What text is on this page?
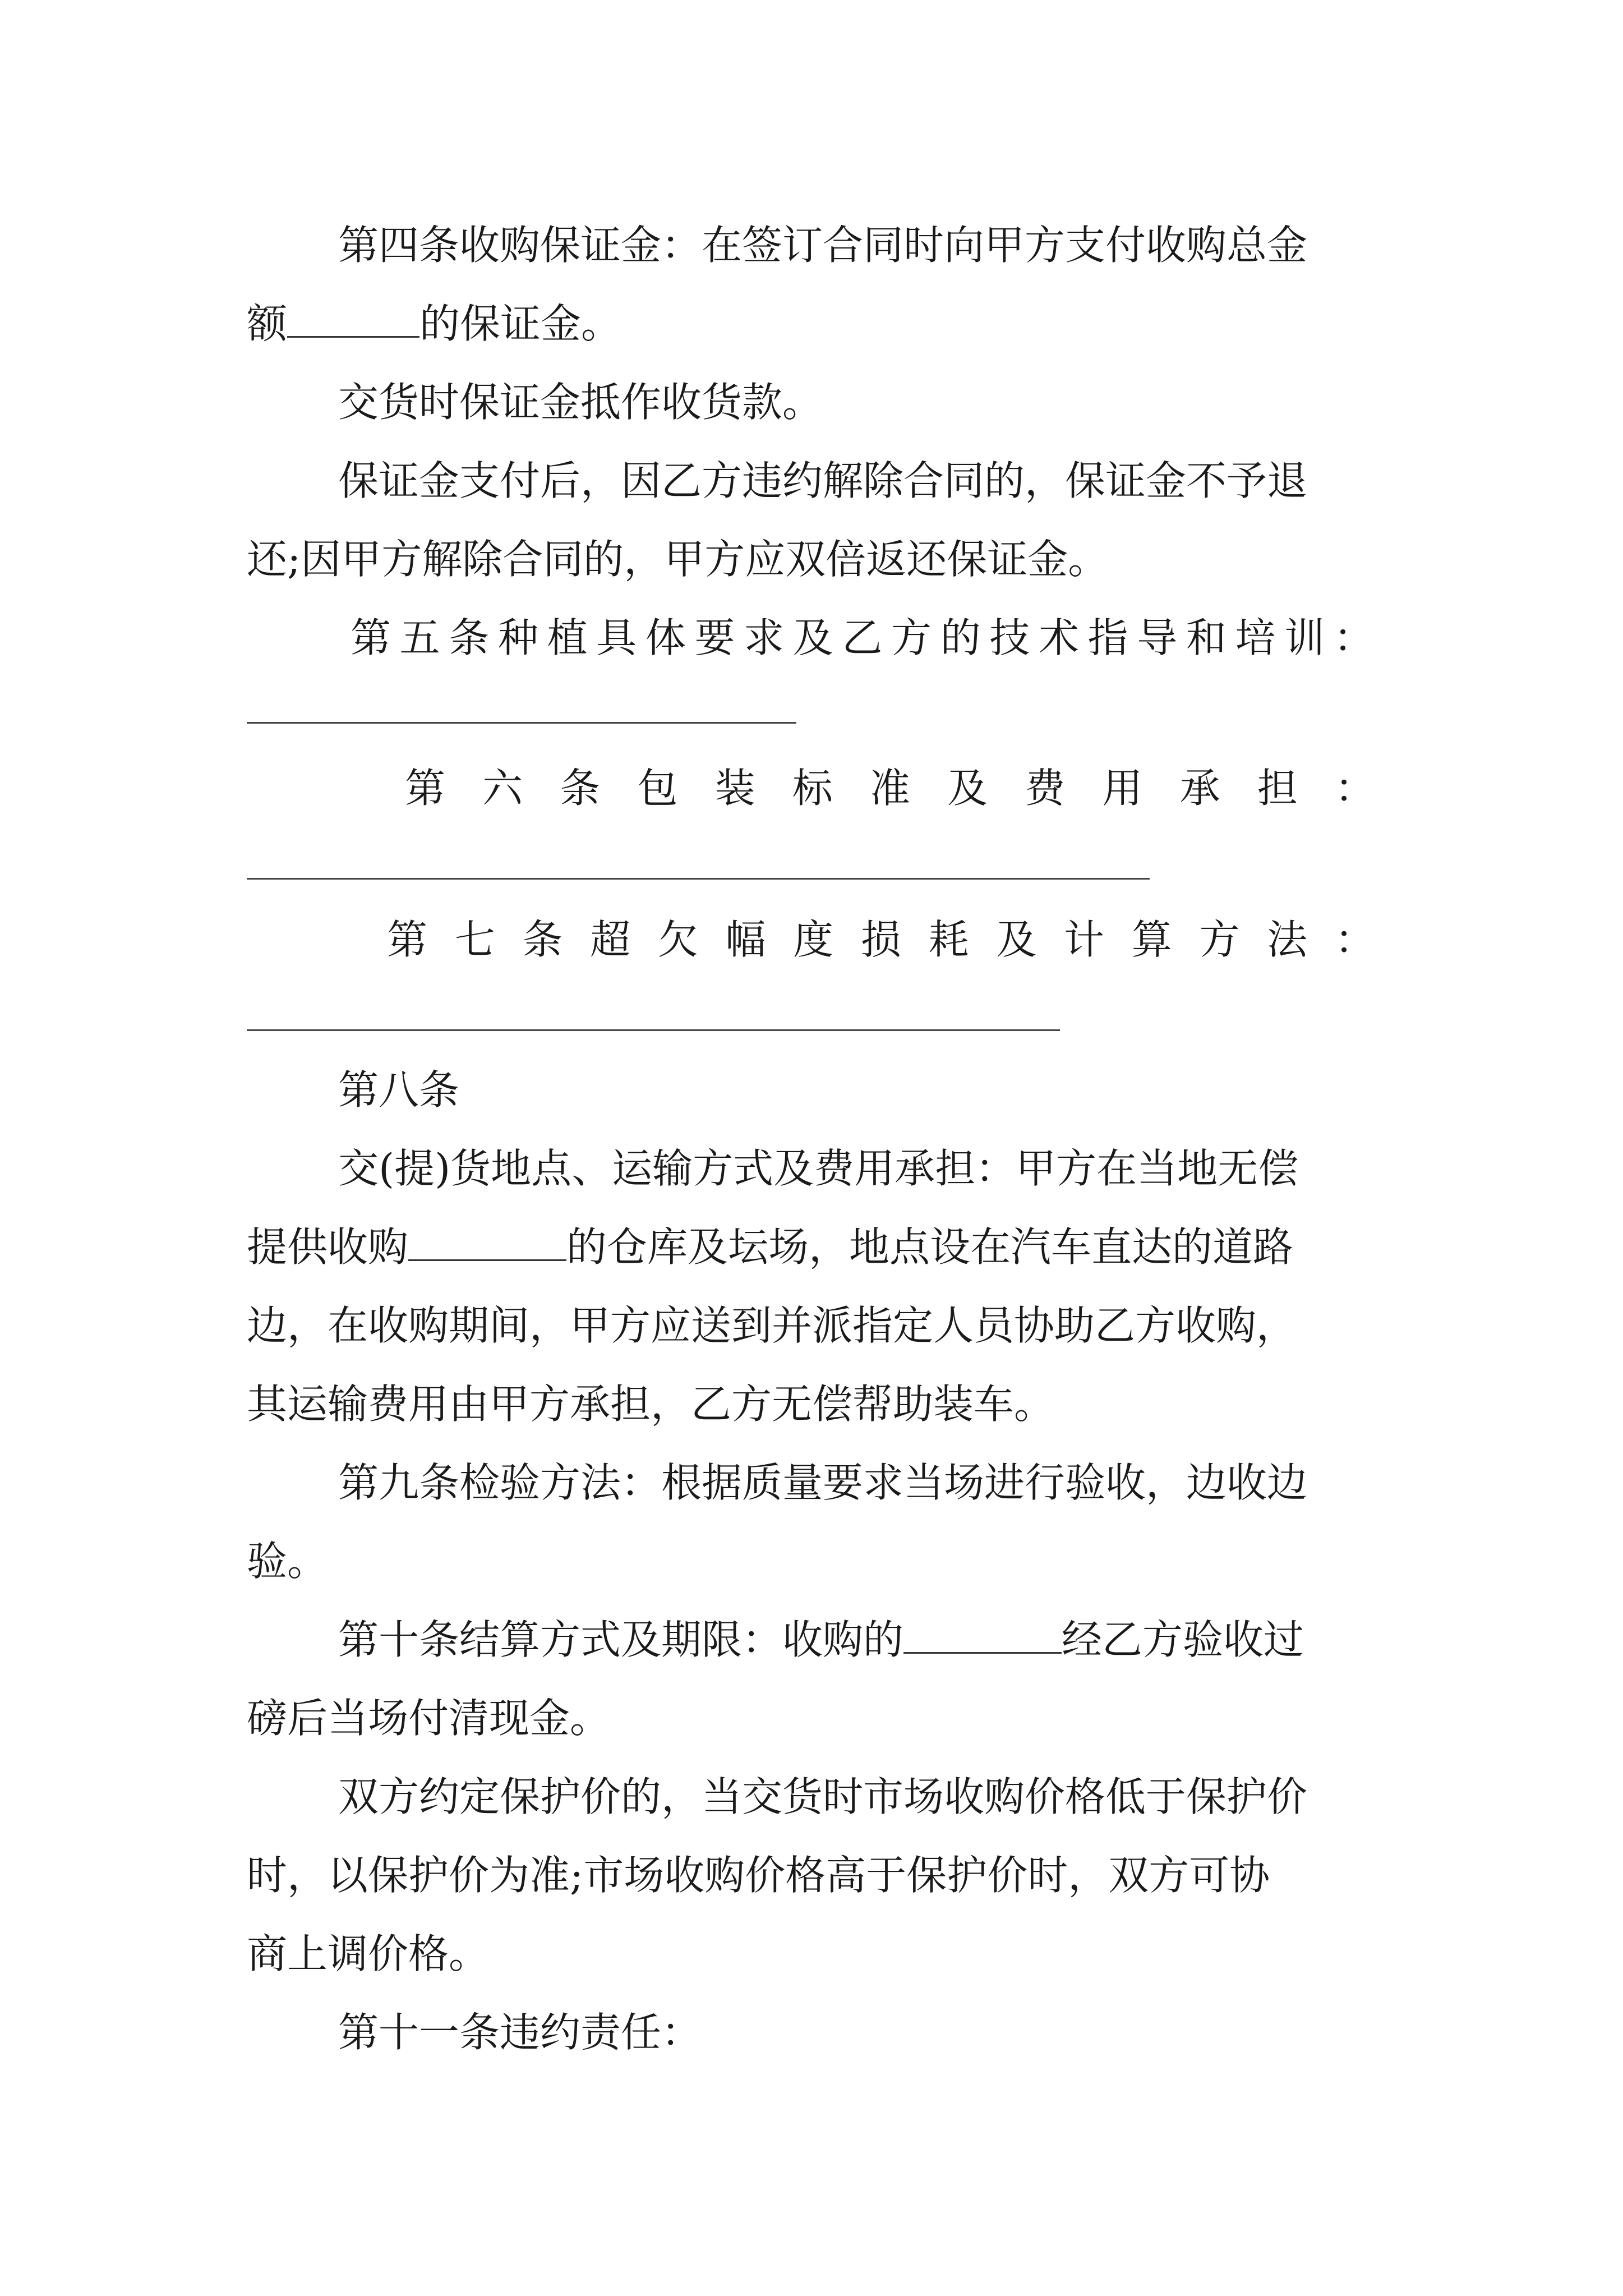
第四条收购保证金：在签订合同时向甲方支付收购总金
额	的保证金。
交货时保证金抵作收货款。
保证金支付后，因乙方违约解除合同的，保证金不予退
还;因甲方解除合同的，甲方应双倍返还保证金。
第 五 条 种 植 具 体 要 求 及 乙 方 的 技 术 指 导 和 培 训 ：
第 六 条 包 装 标 准 及 费 用 承 担 ：
第 七 条 超 欠 幅 度 损 耗 及 计 算 方 法 ：
第八条
交(提)货地点、运输方式及费用承担：甲方在当地无偿
提供收购	的仓库及坛场，地点设在汽车直达的道路
边，在收购期间，甲方应送到并派指定人员协助乙方收购，
其运输费用由甲方承担，乙方无偿帮助装车。
第九条检验方法：根据质量要求当场进行验收，边收边
验。
第十条结算方式及期限：收购的	经乙方验收过
磅后当场付清现金。
双方约定保护价的，当交货时市场收购价格低于保护价
时，以保护价为准;市场收购价格高于保护价时，双方可协
商上调价格。
第十一条违约责任：
